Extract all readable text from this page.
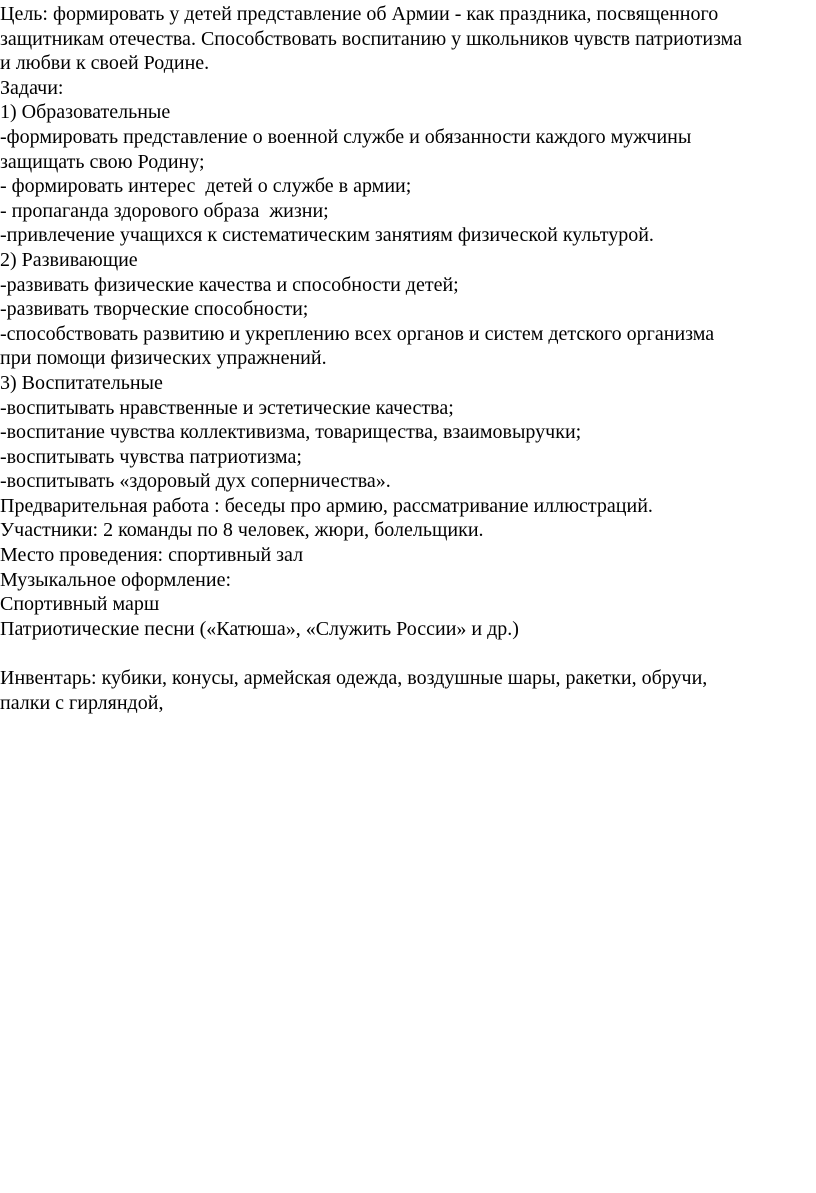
Цель: формировать у детей представление об Армии - как праздника, посвященного
защитникам отечества. Способствовать воспитанию у школьников чувств патриотизма
и любви к своей Родине.
Задачи:
1) Образовательные
-формировать представление о военной службе и обязанности каждого мужчины
защищать свою Родину;
- формировать интерес  детей о службе в армии;
- пропаганда здорового образа  жизни;
-привлечение учащихся к систематическим занятиям физической культурой.
2) Развивающие
-развивать физические качества и способности детей;
-развивать творческие способности;
-способствовать развитию и укреплению всех органов и систем детского организма
при помощи физических упражнений.
3) Воспитательные
-воспитывать нравственные и эстетические качества;
-воспитание чувства коллективизма, товарищества, взаимовыручки;
-воспитывать чувства патриотизма;
-воспитывать «здоровый дух соперничества».
Предварительная работа : беседы про армию, рассматривание иллюстраций.
Участники: 2 команды по 8 человек, жюри, болельщики.
Место проведения: спортивный зал
Музыкальное оформление:
Спортивный марш
Патриотические песни («Катюша», «Служить России» и др.)
Инвентарь: кубики, конусы, армейская одежда, воздушные шары, ракетки, обручи,
палки с гирляндой,
